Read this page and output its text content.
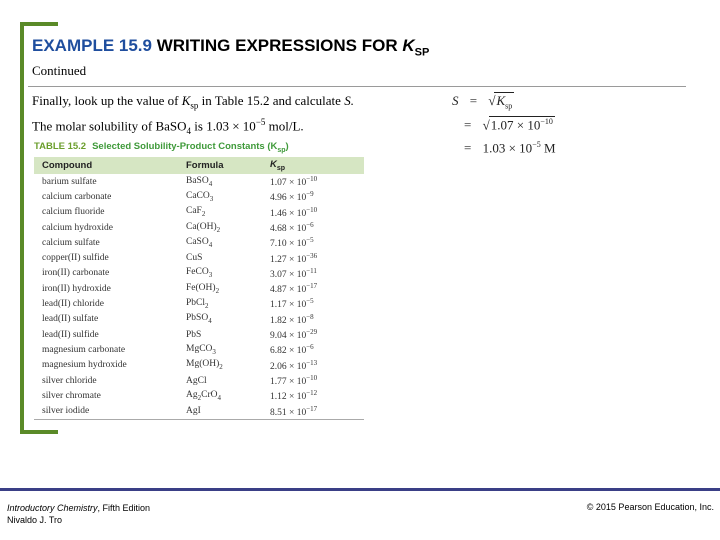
EXAMPLE 15.9 WRITING EXPRESSIONS FOR $K_{SP}$
Continued
Finally, look up the value of $K_{sp}$ in Table 15.2 and calculate S.
The molar solubility of BaSO$_4$ is $1.03 \times 10^{-5}$ mol/L.
$S = √K_{sp}$
= $√1.07 \times 10^{-10}$
= $1.03 \times 10^{-5}$ M
TABLE 15.2 Selected Solubility-Product Constants $(K_{sp})$
Compound	Formula	$K_{sp}$
barium sulfate	BaSO$_4$	$1.07 \times 10^{-10}$
calcium carbonate	CaCO$_3$	$4.96 \times 10^{-9}$
calcium fluoride	CaF$_2$	$1.46 \times 10^{-10}$
calcium hydroxide	$Ca(OH)_2$	$4.68 \times 10^{-6}$
calcium sulfate	CaSO$_4$	$7.10 \times 10^{-5}$
copper(II) sulfide	CuS	$1.27 \times 10^{-36}$
iron(II) carbonate	FeCO$_3$	$3.07 \times 10^{-11}$
iron(II) hydroxide	$Fe(OH)_2$	$4.87 \times 10^{-17}$
lead(II) chloride	PbCl$_2$	$1.17 \times 10^{-5}$
lead(II) sulfate	PbSO$_4$	$1.82 \times 10^{-8}$
lead(II) sulfide	PbS	$9.04 \times 10^{-29}$
magnesium carbonate	MgCO$_3$	$6.82 \times 10^{-6}$
magnesium hydroxide	$Mg(OH)_2$	$2.06 \times 10^{-13}$
silver chloride	AgCl	$1.77 \times 10^{-10}$
silver chromate	$Ag_2CrO_4$	$1.12 \times 10^{-12}$
silver iodide	AgI	$8.51 \times 10^{-17}$
Introductory Chemistry, Fifth Edition
Nivaldo J. Tro
© 2015 Pearson Education, Inc.
